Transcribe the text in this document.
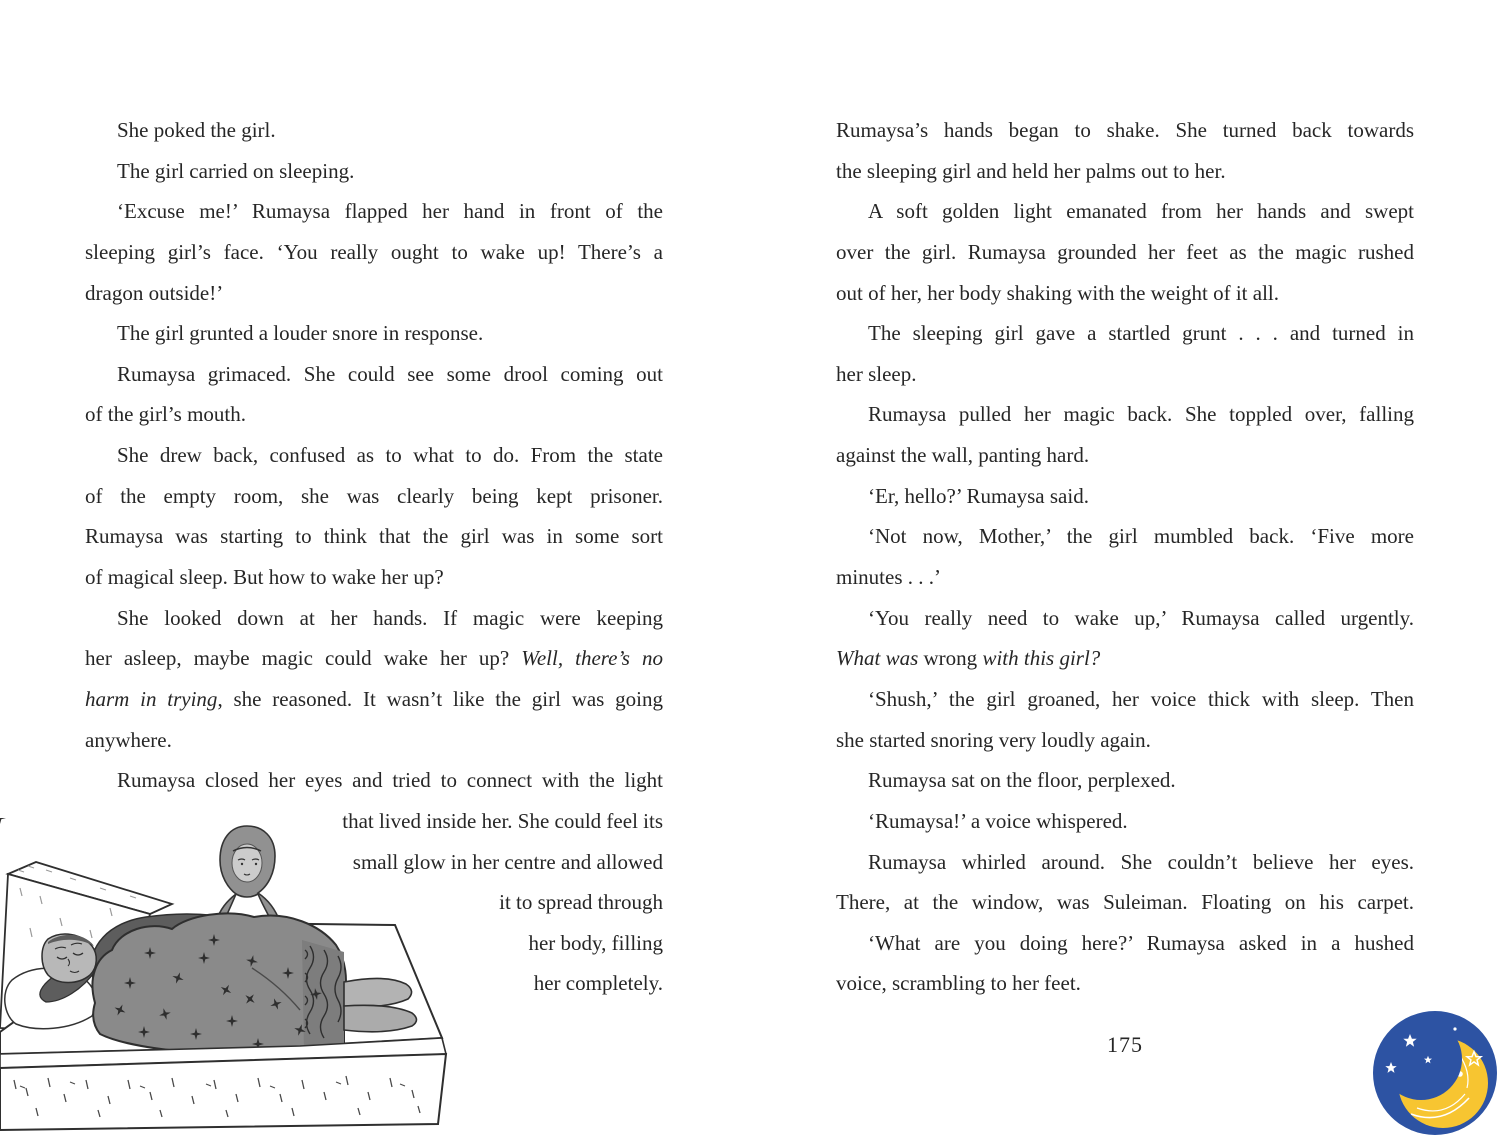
She poked the girl.
The girl carried on sleeping.
‘Excuse me!’ Rumaysa flapped her hand in front of the
sleeping girl’s face. ‘You really ought to wake up! There’s a
dragon outside!’
The girl grunted a louder snore in response.
Rumaysa grimaced. She could see some drool coming out
of the girl’s mouth.
She drew back, confused as to what to do. From the state
of the empty room, she was clearly being kept prisoner.
Rumaysa was starting to think that the girl was in some sort
of magical sleep. But how to wake her up?
She looked down at her hands. If magic were keeping
her asleep, maybe magic could wake her up? Well, there’s no
harm in trying, she reasoned. It wasn’t like the girl was going
anywhere.
Rumaysa closed her eyes and tried to connect with the light
that lived inside her. She could feel its
small glow in her centre and allowed
it to spread through
her body, filling
her completely.
Rumaysa’s hands began to shake. She turned back towards
the sleeping girl and held her palms out to her.
A soft golden light emanated from her hands and swept
over the girl. Rumaysa grounded her feet as the magic rushed
out of her, her body shaking with the weight of it all.
The sleeping girl gave a startled grunt . . . and turned in
her sleep.
Rumaysa pulled her magic back. She toppled over, falling
against the wall, panting hard.
‘Er, hello?’ Rumaysa said.
‘Not now, Mother,’ the girl mumbled back. ‘Five more
minutes . . .’
‘You really need to wake up,’ Rumaysa called urgently.
What was wrong with this girl?
‘Shush,’ the girl groaned, her voice thick with sleep. Then
she started snoring very loudly again.
Rumaysa sat on the floor, perplexed.
‘Rumaysa!’ a voice whispered.
Rumaysa whirled around. She couldn’t believe her eyes.
There, at the window, was Suleiman. Floating on his carpet.
‘What are you doing here?’ Rumaysa asked in a hushed
voice, scrambling to her feet.
175
